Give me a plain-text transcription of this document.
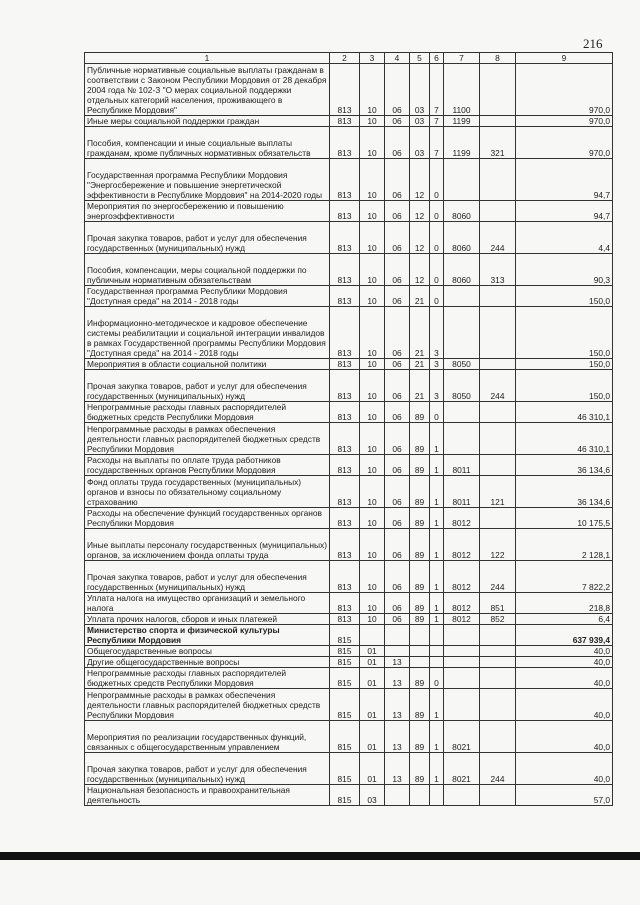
216
1	2	3	4	5	6	7	8	9
Публичные нормативные социальные выплаты гражданам в соответствии с Законом Республики Мордовия от 28 декабря 2004 года № 102-З "О мерах социальной поддержки отдельных категорий населения, проживающего в Республике Мордовия"	813	10	06	03	7	1100		970,0
Иные меры социальной поддержки граждан	813	10	06	03	7	1199		970,0
Пособия, компенсации и иные социальные выплаты гражданам, кроме публичных нормативных обязательств	813	10	06	03	7	1199	321	970,0
Государственная программа Республики Мордовия "Энергосбережение и повышение энергетической эффективности в Республике Мордовия" на 2014-2020 годы	813	10	06	12	0			94,7
Мероприятия по энергосбережению и повышению энергоэффективности	813	10	06	12	0	8060		94,7
Прочая закупка товаров, работ и услуг для обеспечения государственных (муниципальных) нужд	813	10	06	12	0	8060	244	4,4
Пособия, компенсации, меры социальной поддержки по публичным нормативным обязательствам	813	10	06	12	0	8060	313	90,3
Государственная программа Республики Мордовия "Доступная среда" на 2014 - 2018 годы	813	10	06	21	0			150,0
Информационно-методическое и кадровое обеспечение системы реабилитации и социальной интеграции инвалидов в рамках Государственной программы Республики Мордовия "Доступная среда" на 2014 - 2018 годы	813	10	06	21	3			150,0
Мероприятия в области социальной политики	813	10	06	21	3	8050		150,0
Прочая закупка товаров, работ и услуг для обеспечения государственных (муниципальных) нужд	813	10	06	21	3	8050	244	150,0
Непрограммные расходы главных распорядителей бюджетных средств Республики Мордовия	813	10	06	89	0			46 310,1
Непрограммные расходы в рамках обеспечения деятельности главных распорядителей бюджетных средств Республики Мордовия	813	10	06	89	1			46 310,1
Расходы на выплаты по оплате труда работников государственных органов Республики Мордовия	813	10	06	89	1	8011		36 134,6
Фонд оплаты труда государственных (муниципальных) органов и взносы по обязательному социальному страхованию	813	10	06	89	1	8011	121	36 134,6
Расходы на обеспечение функций государственных органов Республики Мордовия	813	10	06	89	1	8012		10 175,5
Иные выплаты персоналу государственных (муниципальных) органов, за исключением фонда оплаты труда	813	10	06	89	1	8012	122	2 128,1
Прочая закупка товаров, работ и услуг для обеспечения государственных (муниципальных) нужд	813	10	06	89	1	8012	244	7 822,2
Уплата налога на имущество организаций и земельного налога	813	10	06	89	1	8012	851	218,8
Уплата прочих налогов, сборов и иных платежей	813	10	06	89	1	8012	852	6,4
Министерство спорта и физической культуры Республики Мордовия	815							637 939,4
Общегосударственные вопросы	815	01						40,0
Другие общегосударственные вопросы	815	01	13					40,0
Непрограммные расходы главных распорядителей бюджетных средств Республики Мордовия	815	01	13	89	0			40,0
Непрограммные расходы в рамках обеспечения деятельности главных распорядителей бюджетных средств Республики Мордовия	815	01	13	89	1			40,0
Мероприятия по реализации государственных функций, связанных с общегосударственным управлением	815	01	13	89	1	8021		40,0
Прочая закупка товаров, работ и услуг для обеспечения государственных (муниципальных) нужд	815	01	13	89	1	8021	244	40,0
Национальная безопасность и правоохранительная деятельность	815	03						57,0
